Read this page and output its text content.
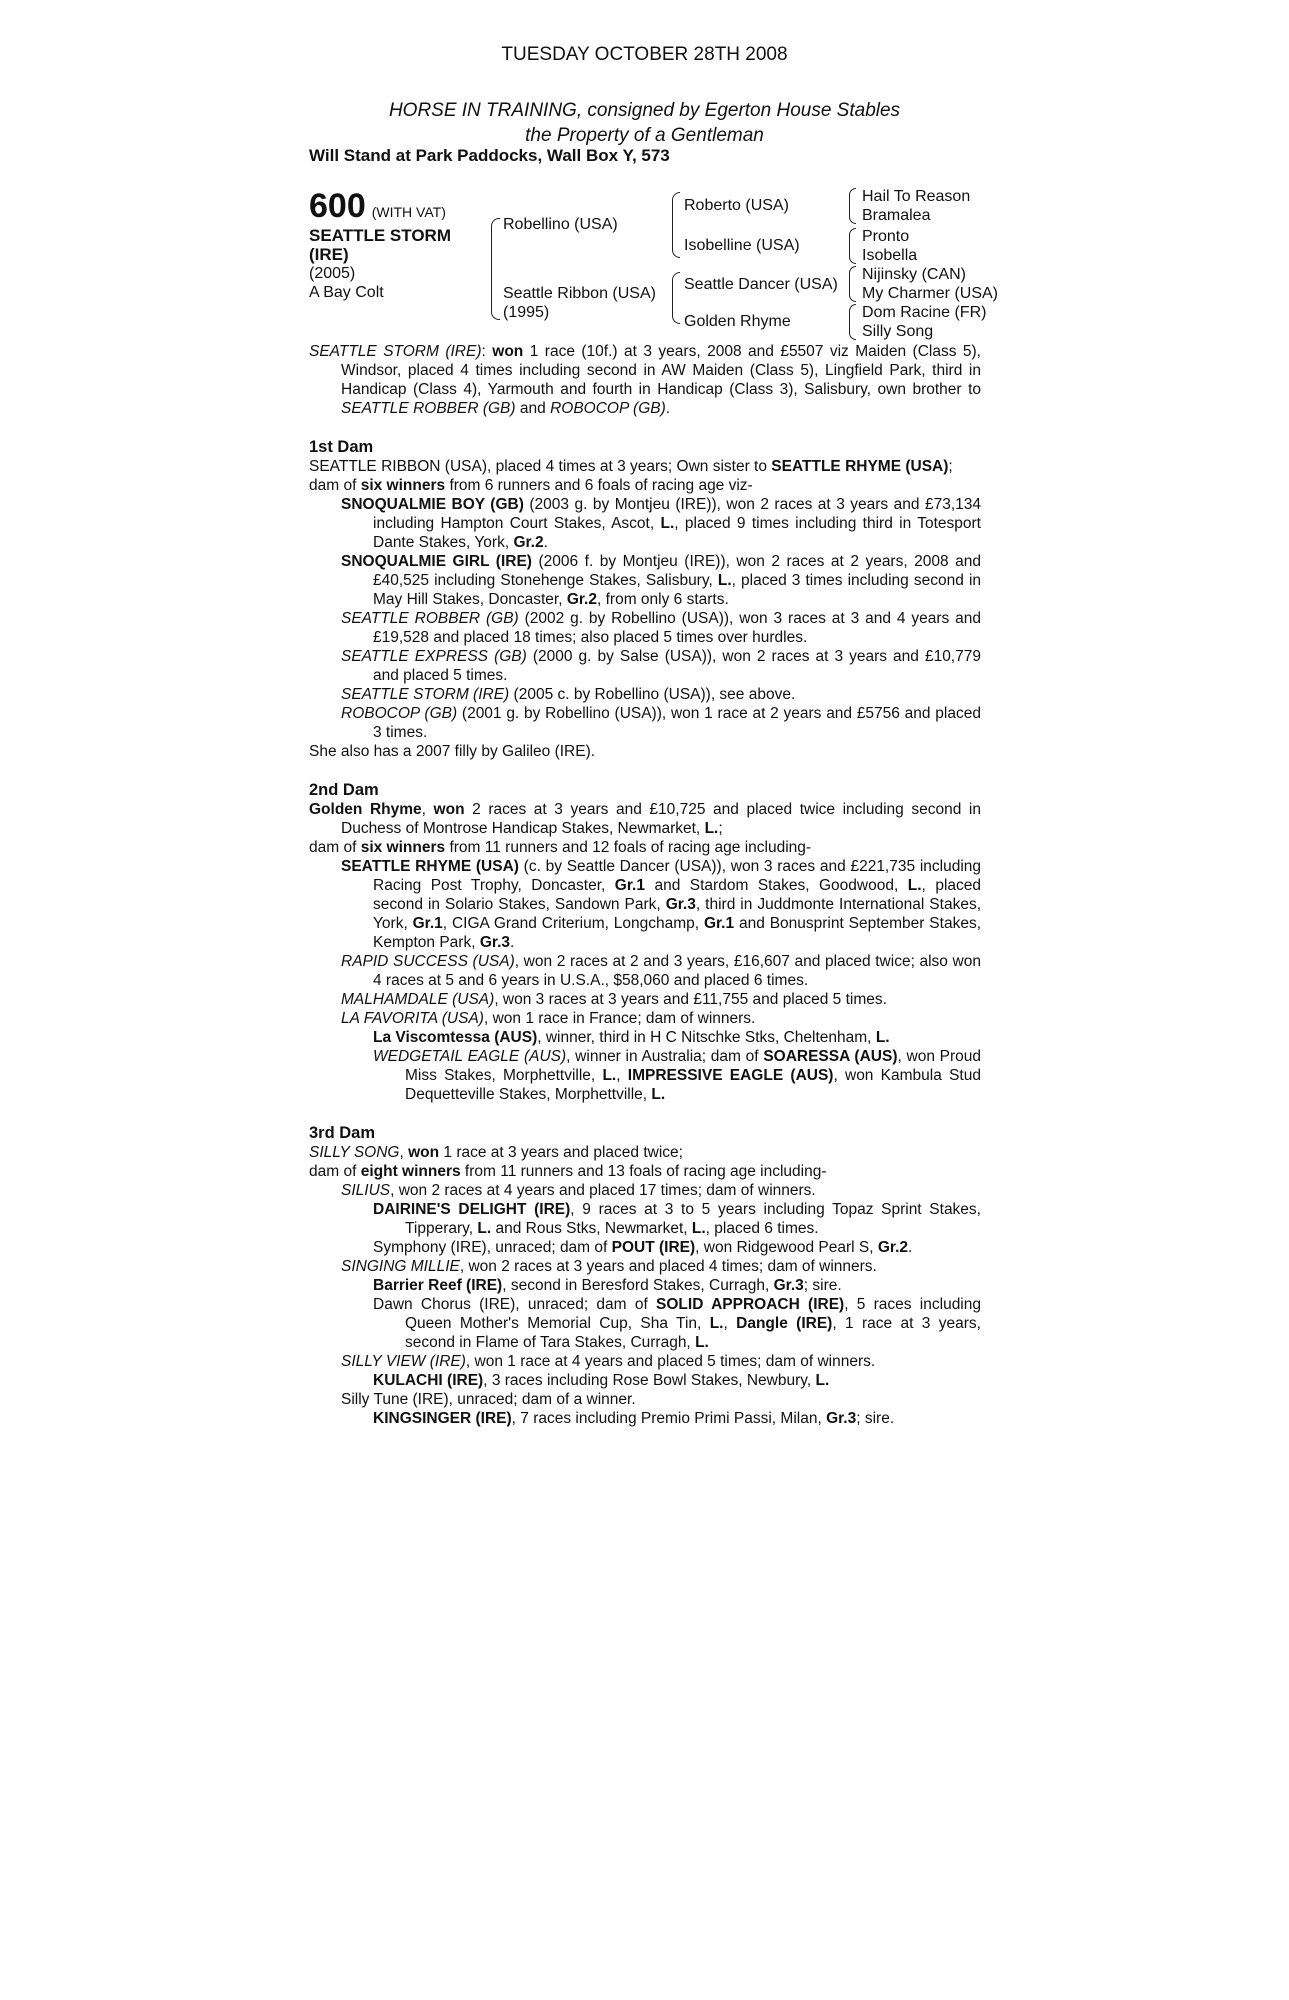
TUESDAY OCTOBER 28TH 2008
HORSE IN TRAINING, consigned by Egerton House Stables
the Property of a Gentleman
Will Stand at Park Paddocks, Wall Box Y, 573
600 (WITH VAT)
SEATTLE STORM
(IRE)
(2005)
A Bay Colt
Robellino (USA)
Seattle Ribbon (USA)
(1995)
Roberto (USA)
Isobelline (USA)
Seattle Dancer (USA)
Golden Rhyme
Hail To Reason
Bramalea
Pronto
Isobella
Nijinsky (CAN)
My Charmer (USA)
Dom Racine (FR)
Silly Song

SEATTLE STORM (IRE): won 1 race (10f.) at 3 years, 2008 and £5507 viz Maiden (Class 5), Windsor, placed 4 times including second in AW Maiden (Class 5), Lingfield Park, third in Handicap (Class 4), Yarmouth and fourth in Handicap (Class 3), Salisbury, own brother to SEATTLE ROBBER (GB) and ROBOCOP (GB).

1st Dam

SEATTLE RIBBON (USA), placed 4 times at 3 years; Own sister to SEATTLE RHYME (USA);

dam of six winners from 6 runners and 6 foals of racing age viz-

SNOQUALMIE BOY (GB) (2003 g. by Montjeu (IRE)), won 2 races at 3 years and £73,134 including Hampton Court Stakes, Ascot, L., placed 9 times including third in Totesport Dante Stakes, York, Gr.2.

SNOQUALMIE GIRL (IRE) (2006 f. by Montjeu (IRE)), won 2 races at 2 years, 2008 and £40,525 including Stonehenge Stakes, Salisbury, L., placed 3 times including second in May Hill Stakes, Doncaster, Gr.2, from only 6 starts.

SEATTLE ROBBER (GB) (2002 g. by Robellino (USA)), won 3 races at 3 and 4 years and £19,528 and placed 18 times; also placed 5 times over hurdles.

SEATTLE EXPRESS (GB) (2000 g. by Salse (USA)), won 2 races at 3 years and £10,779 and placed 5 times.

SEATTLE STORM (IRE) (2005 c. by Robellino (USA)), see above.

ROBOCOP (GB) (2001 g. by Robellino (USA)), won 1 race at 2 years and £5756 and placed 3 times.

She also has a 2007 filly by Galileo (IRE).

2nd Dam

Golden Rhyme, won 2 races at 3 years and £10,725 and placed twice including second in Duchess of Montrose Handicap Stakes, Newmarket, L.;

dam of six winners from 11 runners and 12 foals of racing age including-

SEATTLE RHYME (USA) (c. by Seattle Dancer (USA)), won 3 races and £221,735 including Racing Post Trophy, Doncaster, Gr.1 and Stardom Stakes, Goodwood, L., placed second in Solario Stakes, Sandown Park, Gr.3, third in Juddmonte International Stakes, York, Gr.1, CIGA Grand Criterium, Longchamp, Gr.1 and Bonusprint September Stakes, Kempton Park, Gr.3.

RAPID SUCCESS (USA), won 2 races at 2 and 3 years, £16,607 and placed twice; also won 4 races at 5 and 6 years in U.S.A., $58,060 and placed 6 times.

MALHAMDALE (USA), won 3 races at 3 years and £11,755 and placed 5 times.

LA FAVORITA (USA), won 1 race in France; dam of winners.

La Viscomtessa (AUS), winner, third in H C Nitschke Stks, Cheltenham, L.

WEDGETAIL EAGLE (AUS), winner in Australia; dam of SOARESSA (AUS), won Proud Miss Stakes, Morphettville, L., IMPRESSIVE EAGLE (AUS), won Kambula Stud Dequetteville Stakes, Morphettville, L.

3rd Dam

SILLY SONG, won 1 race at 3 years and placed twice;

dam of eight winners from 11 runners and 13 foals of racing age including-

SILIUS, won 2 races at 4 years and placed 17 times; dam of winners.

DAIRINE'S DELIGHT (IRE), 9 races at 3 to 5 years including Topaz Sprint Stakes, Tipperary, L. and Rous Stks, Newmarket, L., placed 6 times.

Symphony (IRE), unraced; dam of POUT (IRE), won Ridgewood Pearl S, Gr.2.

SINGING MILLIE, won 2 races at 3 years and placed 4 times; dam of winners.

Barrier Reef (IRE), second in Beresford Stakes, Curragh, Gr.3; sire.

Dawn Chorus (IRE), unraced; dam of SOLID APPROACH (IRE), 5 races including Queen Mother's Memorial Cup, Sha Tin, L., Dangle (IRE), 1 race at 3 years, second in Flame of Tara Stakes, Curragh, L.

SILLY VIEW (IRE), won 1 race at 4 years and placed 5 times; dam of winners.

KULACHI (IRE), 3 races including Rose Bowl Stakes, Newbury, L.

Silly Tune (IRE), unraced; dam of a winner.

KINGSINGER (IRE), 7 races including Premio Primi Passi, Milan, Gr.3; sire.
